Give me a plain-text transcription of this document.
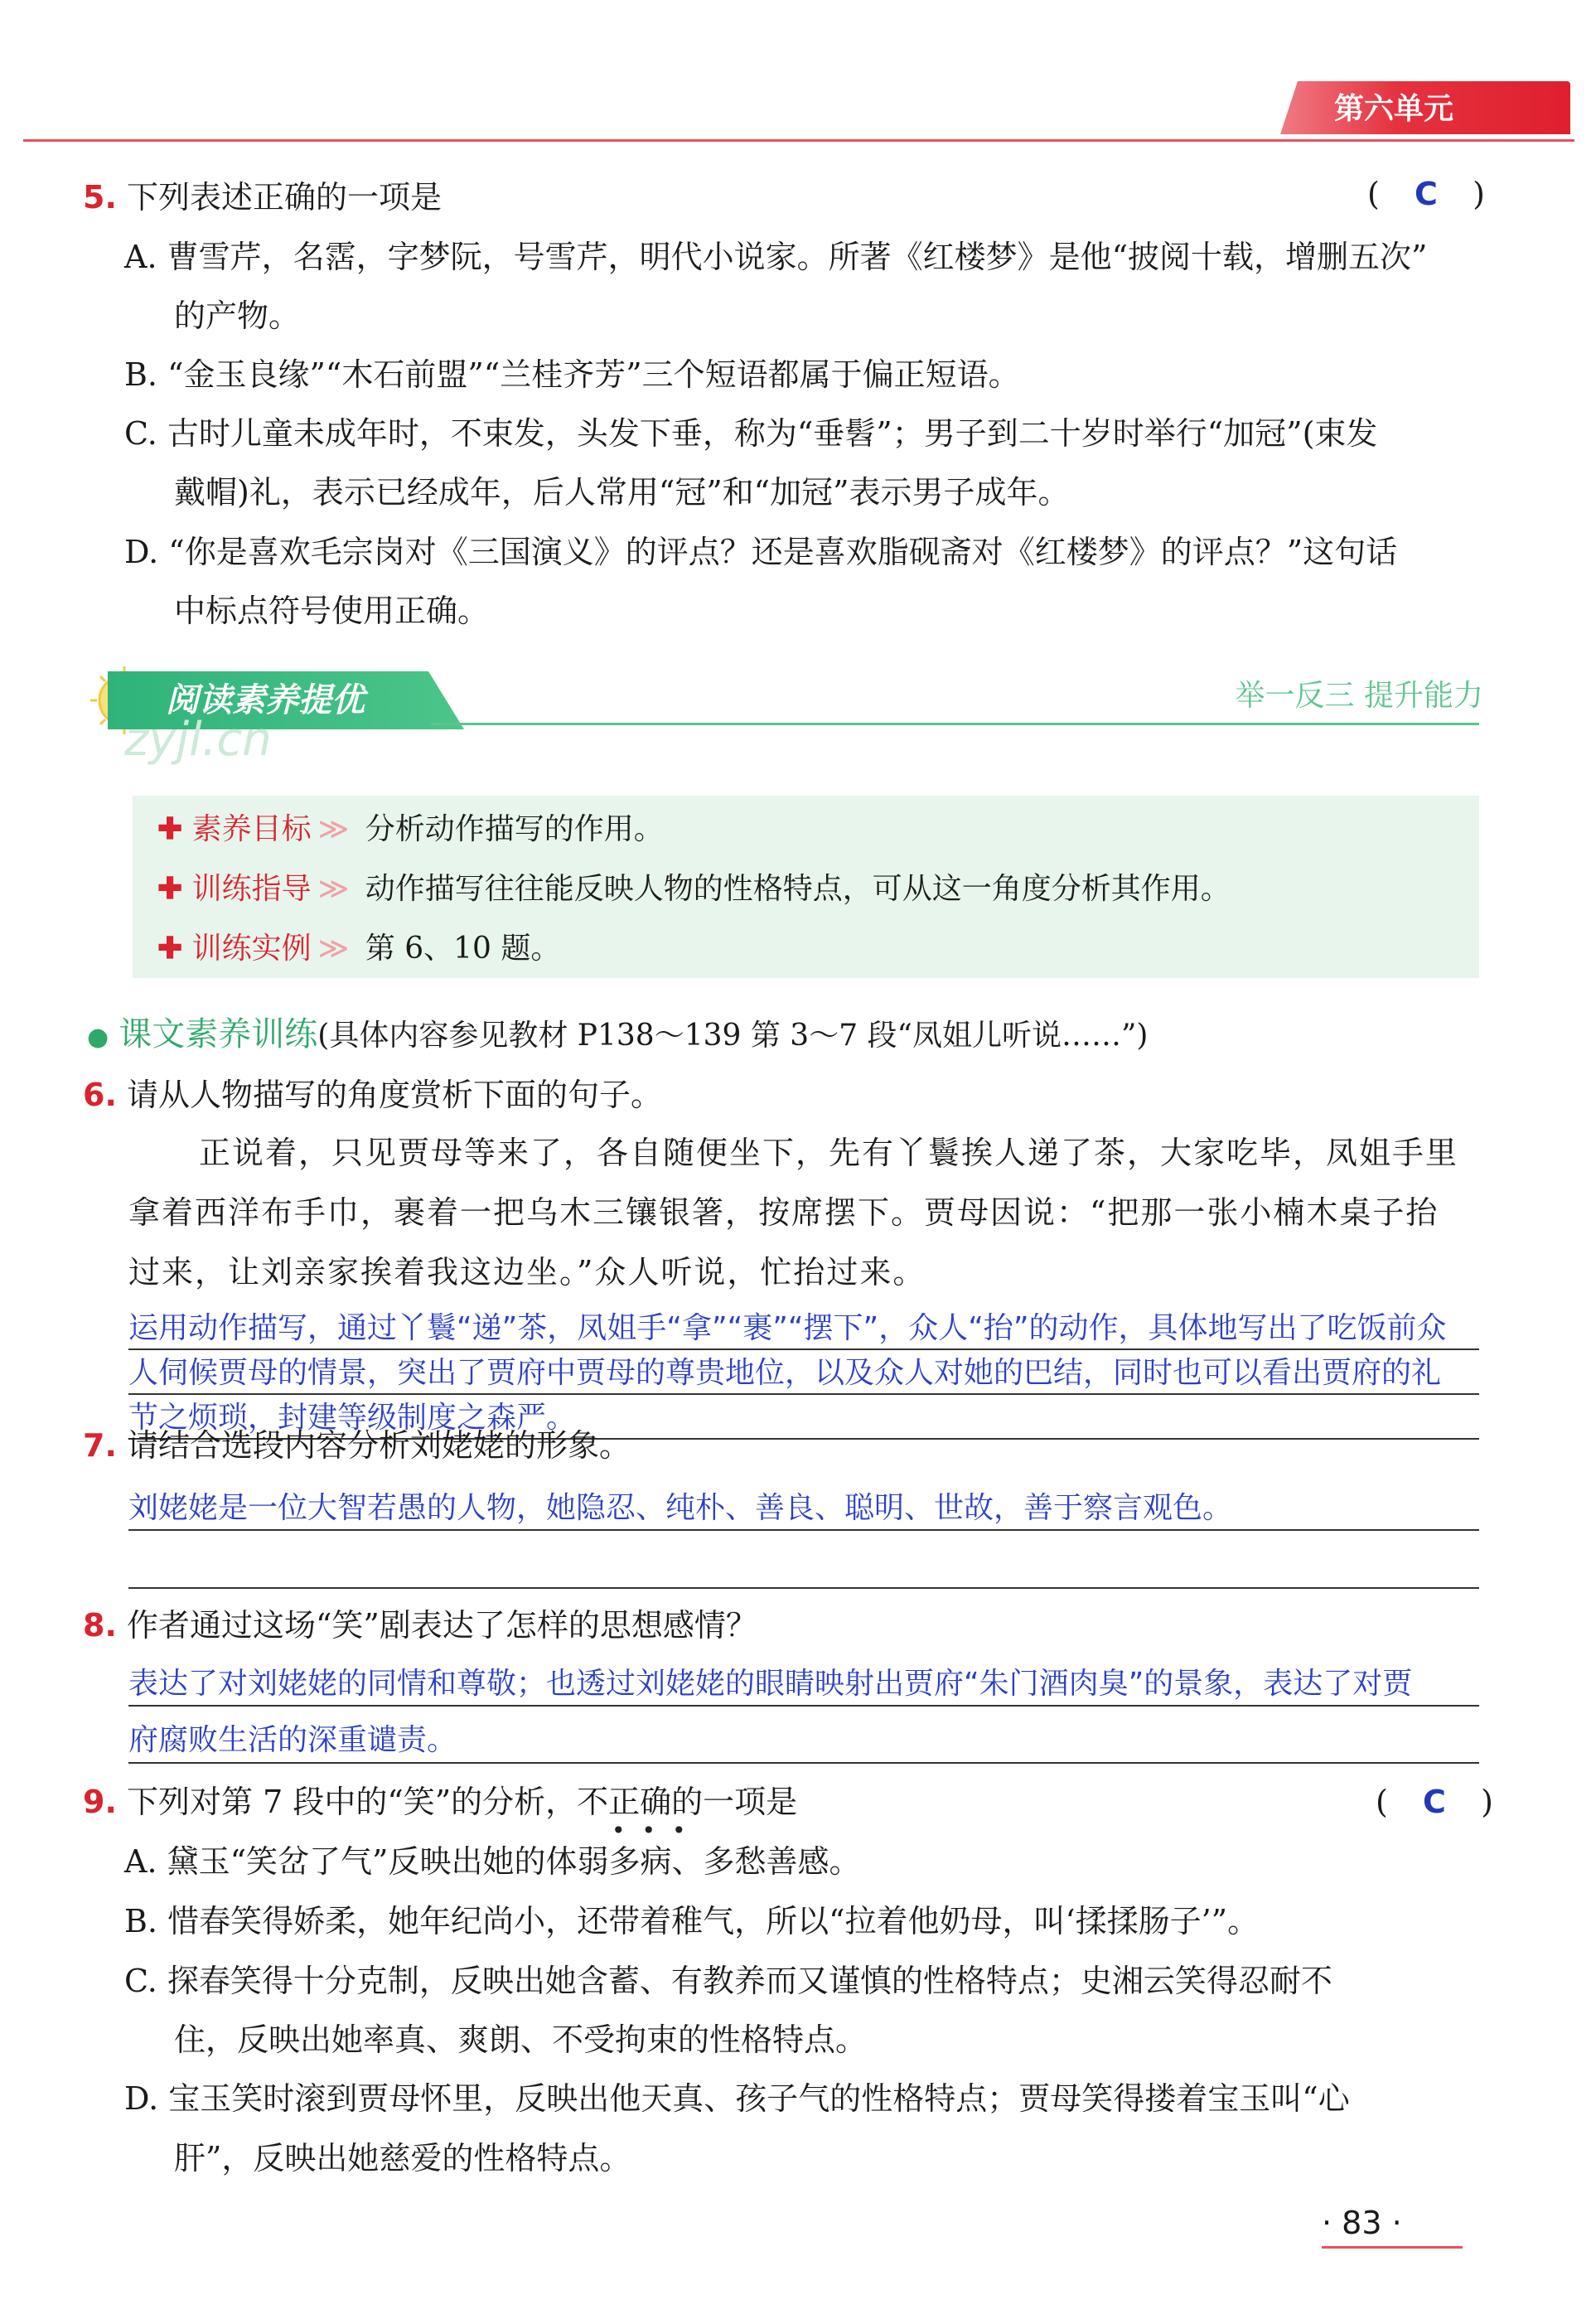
第六单元
5. 下列表述正确的一项是	( C )
A. 曹雪芹，名霑，字梦阮，号雪芹，明代小说家。所著《红楼梦》是他“披阅十载，增删五次”
的产物。
B. “金玉良缘”“木石前盟”“兰桂齐芳”三个短语都属于偏正短语。
C. 古时儿童未成年时，不束发，头发下垂，称为“垂髫”；男子到二十岁时举行“加冠”(束发
戴帽)礼，表示已经成年，后人常用“冠”和“加冠”表示男子成年。
D. “你是喜欢毛宗岗对《三国演义》的评点？还是喜欢脂砚斋对《红楼梦》的评点？”这句话
中标点符号使用正确。
阅读素养提优	举一反三 提升能力
zyjl.cn
✚ 素养目标 ≫ 分析动作描写的作用。
✚ 训练指导 ≫ 动作描写往往能反映人物的性格特点，可从这一角度分析其作用。
✚ 训练实例 ≫ 第 6、10 题。
● 课文素养训练(具体内容参见教材 P138～139 第 3～7 段“凤姐儿听说……”)
6. 请从人物描写的角度赏析下面的句子。
正说着，只见贾母等来了，各自随便坐下，先有丫鬟挨人递了茶，大家吃毕，凤姐手里
拿着西洋布手巾，裹着一把乌木三镶银箸，按席摆下。贾母因说：“把那一张小楠木桌子抬
过来，让刘亲家挨着我这边坐。”众人听说，忙抬过来。
运用动作描写，通过丫鬟“递”茶，凤姐手“拿”“裹”“摆下”，众人“抬”的动作，具体地写出了吃饭前众
人伺候贾母的情景，突出了贾府中贾母的尊贵地位，以及众人对她的巴结，同时也可以看出贾府的礼
节之烦琐，封建等级制度之森严。
7. 请结合选段内容分析刘姥姥的形象。
刘姥姥是一位大智若愚的人物，她隐忍、纯朴、善良、聪明、世故，善于察言观色。
8. 作者通过这场“笑”剧表达了怎样的思想感情？
表达了对刘姥姥的同情和尊敬；也透过刘姥姥的眼睛映射出贾府“朱门酒肉臭”的景象，表达了对贾
府腐败生活的深重谴责。
9. 下列对第 7 段中的“笑”的分析，不正确的一项是
•••
( C )
A. 黛玉“笑岔了气”反映出她的体弱多病、多愁善感。
B. 惜春笑得娇柔，她年纪尚小，还带着稚气，所以“拉着他奶母，叫‘揉揉肠子’”。
C. 探春笑得十分克制，反映出她含蓄、有教养而又谨慎的性格特点；史湘云笑得忍耐不
住，反映出她率真、爽朗、不受拘束的性格特点。
D. 宝玉笑时滚到贾母怀里，反映出他天真、孩子气的性格特点；贾母笑得搂着宝玉叫“心
肝”，反映出她慈爱的性格特点。
· 83 ·
